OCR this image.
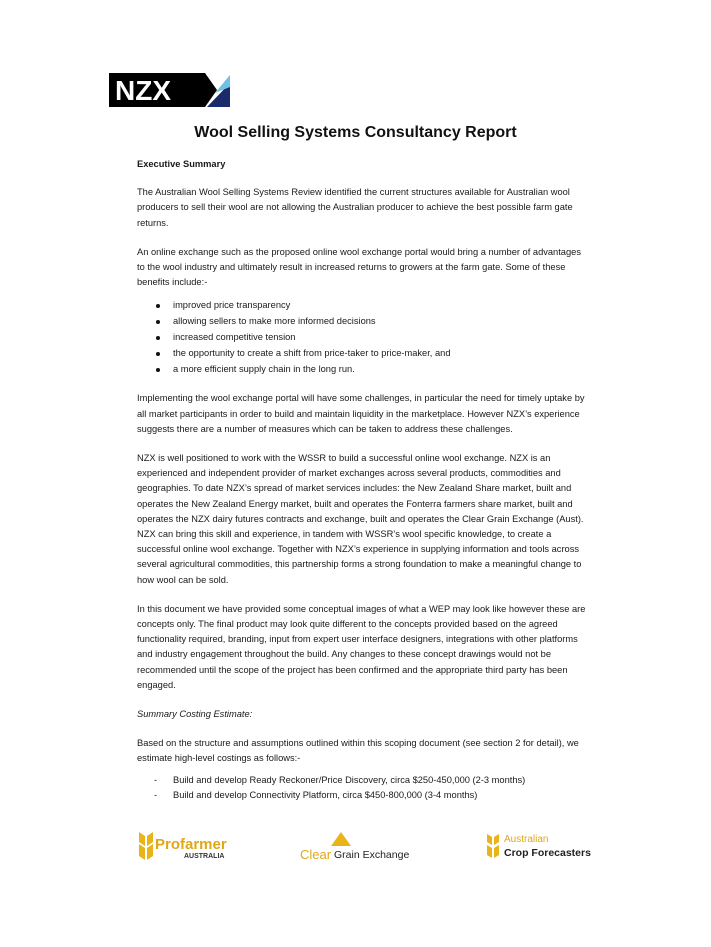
NZX
Wool Selling Systems Consultancy Report
Executive Summary

The Australian Wool Selling Systems Review identified the current structures available for Australian wool producers to sell their wool are not allowing the Australian producer to achieve the best possible farm gate returns.

An online exchange such as the proposed online wool exchange portal would bring a number of advantages to the wool industry and ultimately result in increased returns to growers at the farm gate. Some of these benefits include:-

improved price transparency
allowing sellers to make more informed decisions
increased competitive tension
the opportunity to create a shift from price-taker to price-maker, and
a more efficient supply chain in the long run.

Implementing the wool exchange portal will have some challenges, in particular the need for timely uptake by all market participants in order to build and maintain liquidity in the marketplace. However NZX’s experience suggests there are a number of measures which can be taken to address these challenges.

NZX is well positioned to work with the WSSR to build a successful online wool exchange. NZX is an experienced and independent provider of market exchanges across several products, commodities and geographies. To date NZX’s spread of market services includes: the New Zealand Share market, built and operates the New Zealand Energy market, built and operates the Fonterra farmers share market, built and operates the NZX dairy futures contracts and exchange, built and operates the Clear Grain Exchange (Aust). NZX can bring this skill and experience, in tandem with WSSR’s wool specific knowledge, to create a successful online wool exchange. Together with NZX’s experience in supplying information and tools across several agricultural commodities, this partnership forms a strong foundation to make a meaningful change to how wool can be sold.

In this document we have provided some conceptual images of what a WEP may look like however these are concepts only. The final product may look quite different to the concepts provided based on the agreed functionality required, branding, input from expert user interface designers, integrations with other platforms and industry engagement throughout the build. Any changes to these concept drawings would not be recommended until the scope of the project has been confirmed and the appropriate third party has been engaged.

Summary Costing Estimate:

Based on the structure and assumptions outlined within this scoping document (see section 2 for detail), we estimate high-level costings as follows:-

- Build and develop Ready Reckoner/Price Discovery, circa $250-450,000 (2-3 months)
- Build and develop Connectivity Platform, circa $450-800,000 (3-4 months)
Profarmer
AUSTRALIA	Clear Grain Exchange
Australian
Crop Forecasters
